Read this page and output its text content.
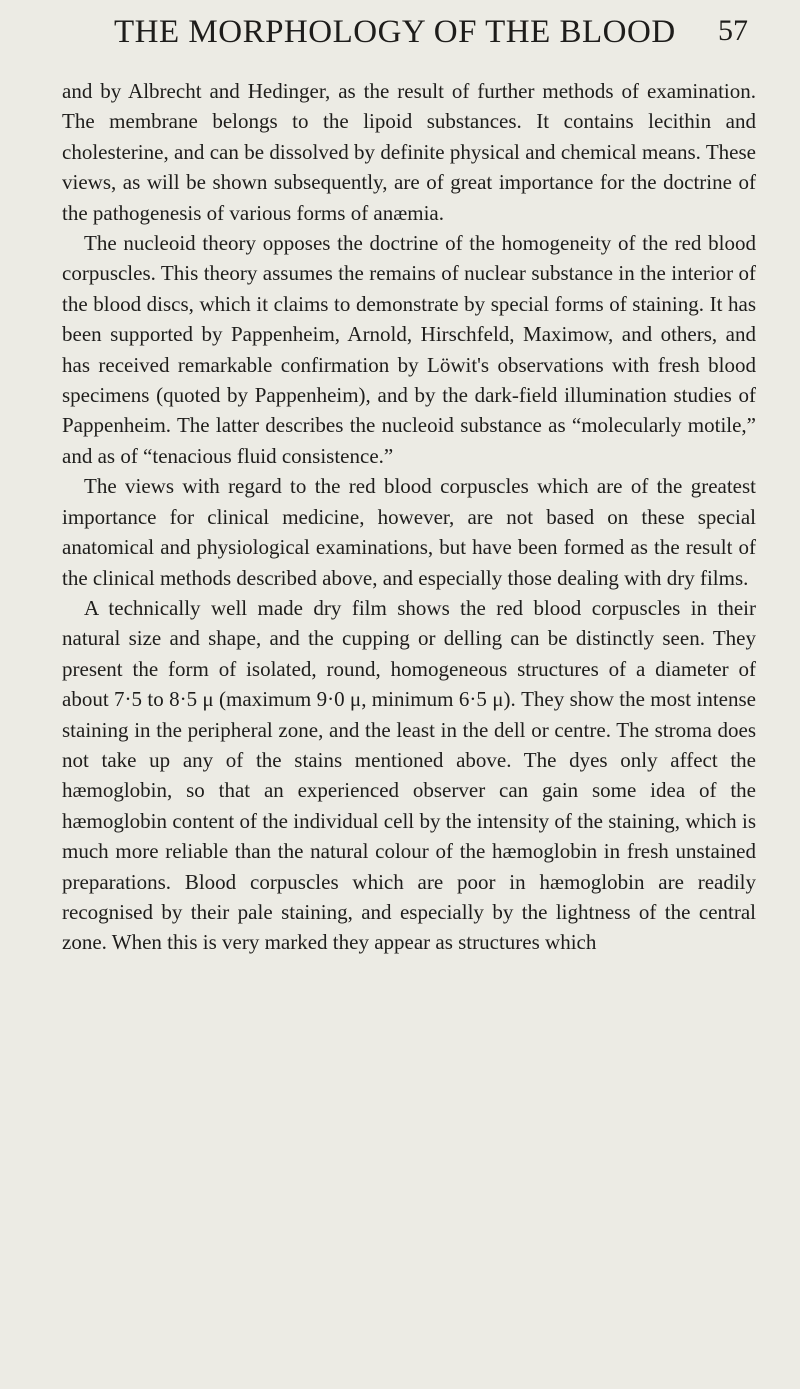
THE MORPHOLOGY OF THE BLOOD 57

and by Albrecht and Hedinger, as the result of further methods of examination. The membrane belongs to the lipoid substances. It contains lecithin and cholesterine, and can be dissolved by definite physical and chemical means. These views, as will be shown subsequently, are of great importance for the doctrine of the pathogenesis of various forms of anæmia.

The nucleoid theory opposes the doctrine of the homogeneity of the red blood corpuscles. This theory assumes the remains of nuclear substance in the interior of the blood discs, which it claims to demonstrate by special forms of staining. It has been supported by Pappenheim, Arnold, Hirschfeld, Maximow, and others, and has received remarkable confirmation by Löwit's observations with fresh blood specimens (quoted by Pappenheim), and by the dark-field illumination studies of Pappenheim. The latter describes the nucleoid substance as “molecularly motile,” and as of “tenacious fluid consistence.”

The views with regard to the red blood corpuscles which are of the greatest importance for clinical medicine, however, are not based on these special anatomical and physiological examinations, but have been formed as the result of the clinical methods described above, and especially those dealing with dry films.

A technically well made dry film shows the red blood corpuscles in their natural size and shape, and the cupping or delling can be distinctly seen. They present the form of isolated, round, homogeneous structures of a diameter of about 7·5 to 8·5 μ (maximum 9·0 μ, minimum 6·5 μ). They show the most intense staining in the peripheral zone, and the least in the dell or centre. The stroma does not take up any of the stains mentioned above. The dyes only affect the hæmoglobin, so that an experienced observer can gain some idea of the hæmoglobin content of the individual cell by the intensity of the staining, which is much more reliable than the natural colour of the hæmoglobin in fresh unstained preparations. Blood corpuscles which are poor in hæmoglobin are readily recognised by their pale staining, and especially by the lightness of the central zone. When this is very marked they appear as structures which
